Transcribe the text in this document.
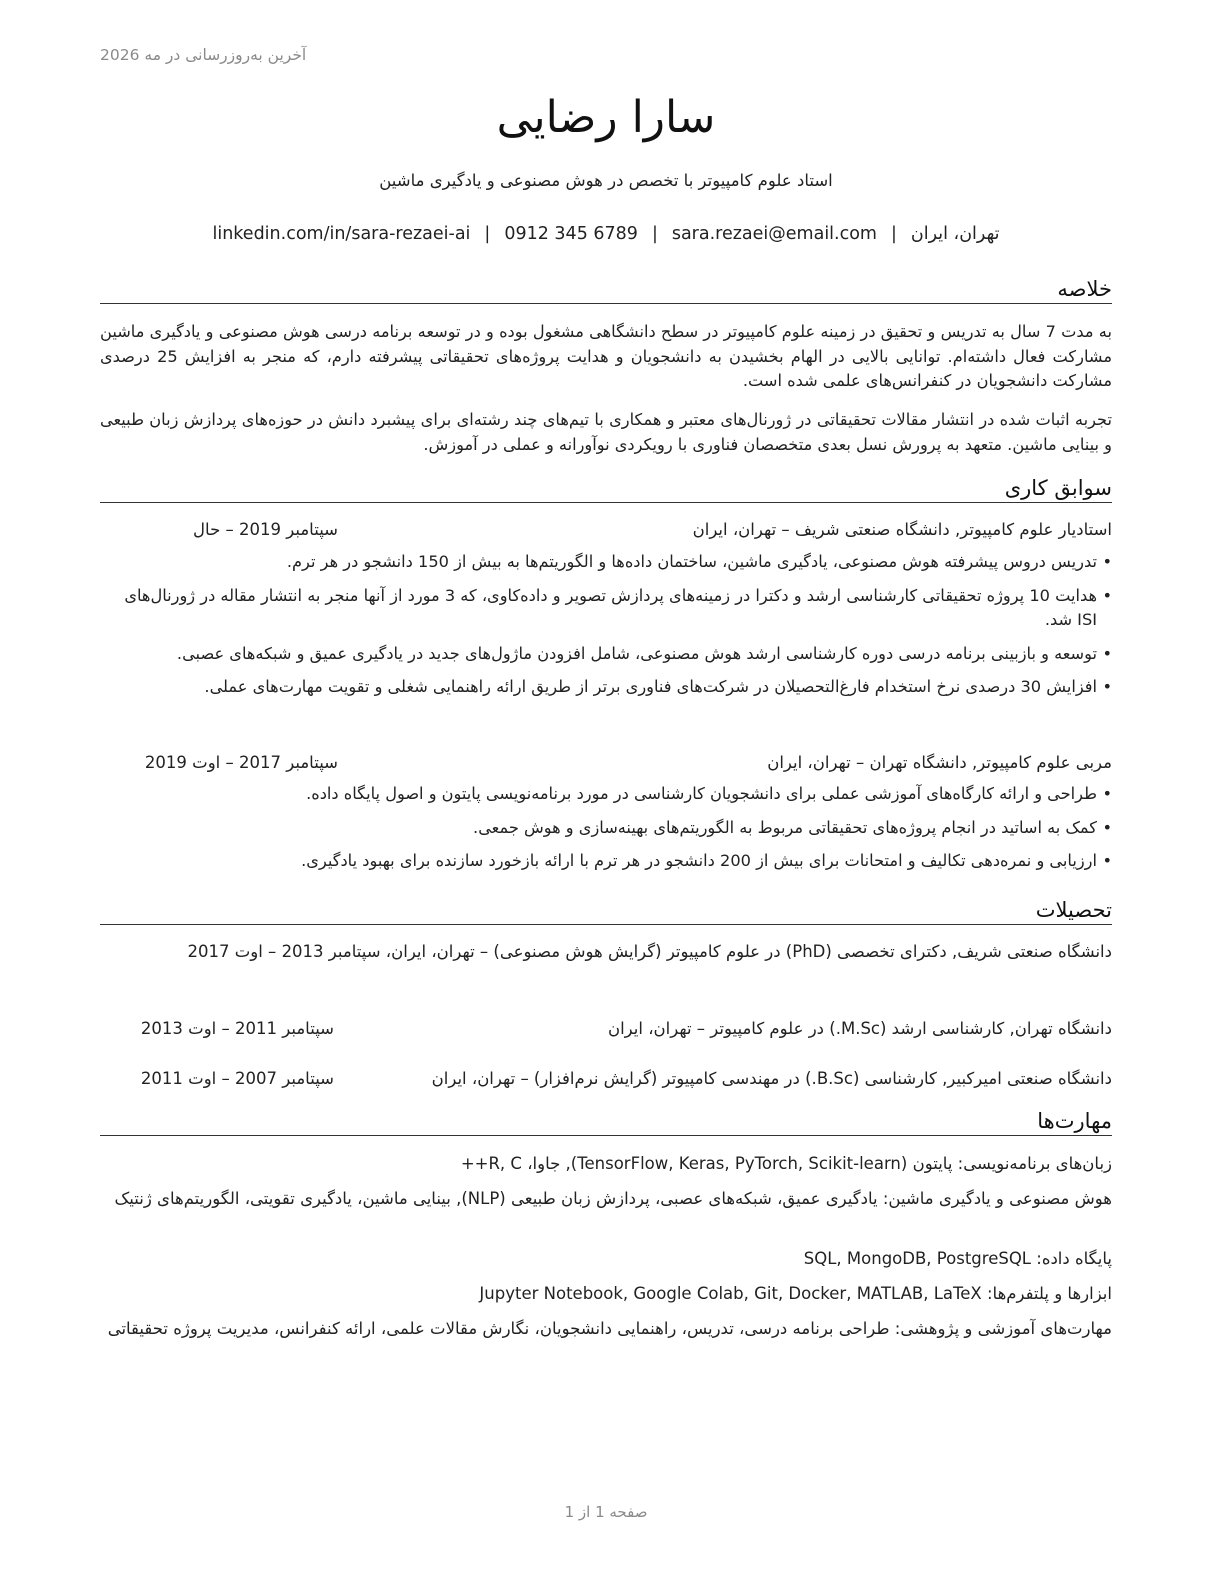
آخرین به‌روزرسانی در مه 2026
سارا رضایی
استاد علوم کامپیوتر با تخصص در هوش مصنوعی و یادگیری ماشین
تهران، ایران|sara.rezaei@email.com|0912 345 6789|linkedin.com/in/sara-rezaei-ai
خلاصه
به مدت 7 سال به تدریس و تحقیق در زمینه علوم کامپیوتر در سطح دانشگاهی مشغول بوده و در توسعه برنامه درسی هوش مصنوعی و یادگیری ماشین مشارکت فعال داشته‌ام. توانایی بالایی در الهام بخشیدن به دانشجویان و هدایت پروژه‌های تحقیقاتی پیشرفته دارم، که منجر به افزایش 25 درصدی مشارکت دانشجویان در کنفرانس‌های علمی شده است.
تجربه اثبات شده در انتشار مقالات تحقیقاتی در ژورنال‌های معتبر و همکاری با تیم‌های چند رشته‌ای برای پیشبرد دانش در حوزه‌های پردازش زبان طبیعی و بینایی ماشین. متعهد به پرورش نسل بعدی متخصصان فناوری با رویکردی نوآورانه و عملی در آموزش.
سوابق کاری
استادیار علوم کامپیوتر, دانشگاه صنعتی شریف – تهران، ایران
سپتامبر 2019 – حال
• تدریس دروس پیشرفته هوش مصنوعی، یادگیری ماشین، ساختمان داده‌ها و الگوریتم‌ها به بیش از 150 دانشجو در هر ترم.
• هدایت 10 پروژه تحقیقاتی کارشناسی ارشد و دکترا در زمینه‌های پردازش تصویر و داده‌کاوی، که 3 مورد از آنها منجر به انتشار مقاله در ژورنال‌های ISI شد.
• توسعه و بازبینی برنامه درسی دوره کارشناسی ارشد هوش مصنوعی، شامل افزودن ماژول‌های جدید در یادگیری عمیق و شبکه‌های عصبی.
• افزایش 30 درصدی نرخ استخدام فارغ‌التحصیلان در شرکت‌های فناوری برتر از طریق ارائه راهنمایی شغلی و تقویت مهارت‌های عملی.
مربی علوم کامپیوتر, دانشگاه تهران – تهران، ایران
سپتامبر 2017 – اوت 2019
• طراحی و ارائه کارگاه‌های آموزشی عملی برای دانشجویان کارشناسی در مورد برنامه‌نویسی پایتون و اصول پایگاه داده.
• کمک به اساتید در انجام پروژه‌های تحقیقاتی مربوط به الگوریتم‌های بهینه‌سازی و هوش جمعی.
• ارزیابی و نمره‌دهی تکالیف و امتحانات برای بیش از 200 دانشجو در هر ترم با ارائه بازخورد سازنده برای بهبود یادگیری.
تحصیلات
دانشگاه صنعتی شریف, دکترای تخصصی (PhD) در علوم کامپیوتر (گرایش هوش مصنوعی) – تهران، ایران، سپتامبر 2013 – اوت 2017
دانشگاه تهران, کارشناسی ارشد (M.Sc.) در علوم کامپیوتر – تهران، ایران
سپتامبر 2011 – اوت 2013
دانشگاه صنعتی امیرکبیر, کارشناسی (B.Sc.) در مهندسی کامپیوتر (گرایش نرم‌افزار) – تهران، ایران
سپتامبر 2007 – اوت 2011
مهارت‌ها
زبان‌های برنامه‌نویسی: پایتون (TensorFlow, Keras, PyTorch, Scikit-learn), جاوا، R, C++
هوش مصنوعی و یادگیری ماشین: یادگیری عمیق، شبکه‌های عصبی، پردازش زبان طبیعی (NLP), بینایی ماشین، یادگیری تقویتی، الگوریتم‌های ژنتیک
پایگاه داده: SQL, MongoDB, PostgreSQL
ابزارها و پلتفرم‌ها: Jupyter Notebook, Google Colab, Git, Docker, MATLAB, LaTeX
مهارت‌های آموزشی و پژوهشی: طراحی برنامه درسی، تدریس، راهنمایی دانشجویان، نگارش مقالات علمی، ارائه کنفرانس، مدیریت پروژه تحقیقاتی
صفحه 1 از 1
